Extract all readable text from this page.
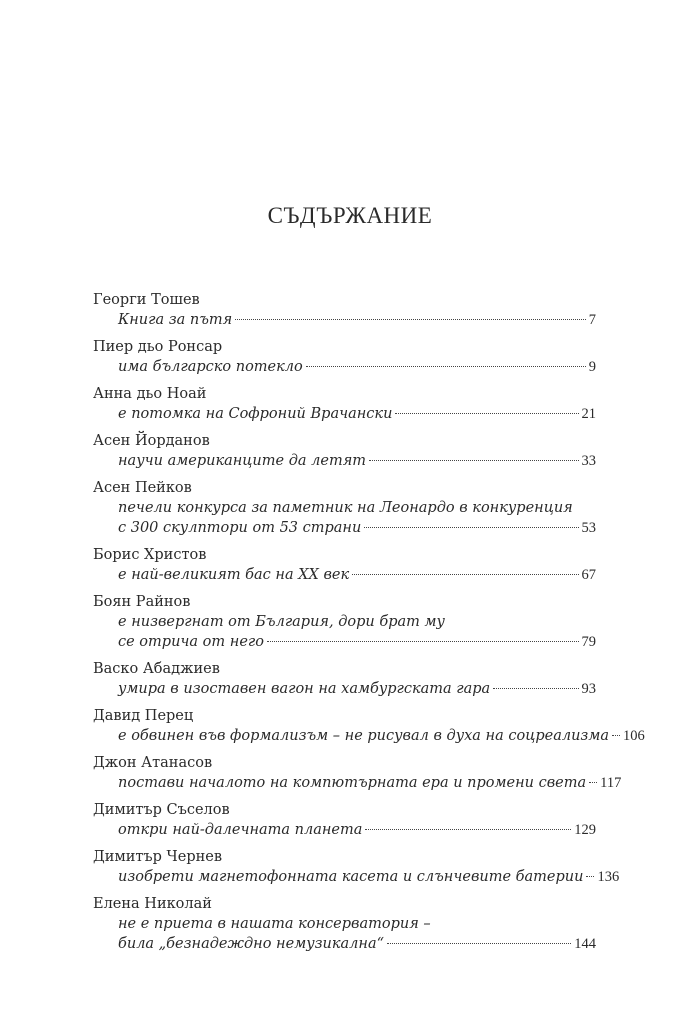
СЪДЪРЖАНИЕ
Георги Тошев
Книга за пътя	7
Пиер дьо Ронсар
има българско потекло	9
Анна дьо Ноай
е потомка на Софроний Врачански	21
Асен Йорданов
научи американците да летят	33
Асен Пейков
печели конкурса за паметник на Леонардо в конкуренция
с 300 скулптори от 53 страни	53
Борис Христов
е най-великият бас на XX век	67
Боян Райнов
е низвергнат от България, дори брат му
се отрича от него	79
Васко Абаджиев
умира в изоставен вагон на хамбургската гара	93
Давид Перец
е обвинен във формализъм – не рисувал в духа на соцреализма 106
Джон Атанасов
постави началото на компютърната ера и промени света 117
Димитър Съселов
откри най-далечната планета	129
Димитър Чернев
изобрети магнетофонната касета и слънчевите батерии 136
Елена Николай
не е приета в нашата консерватория –
била „безнадеждно немузикална“	144
